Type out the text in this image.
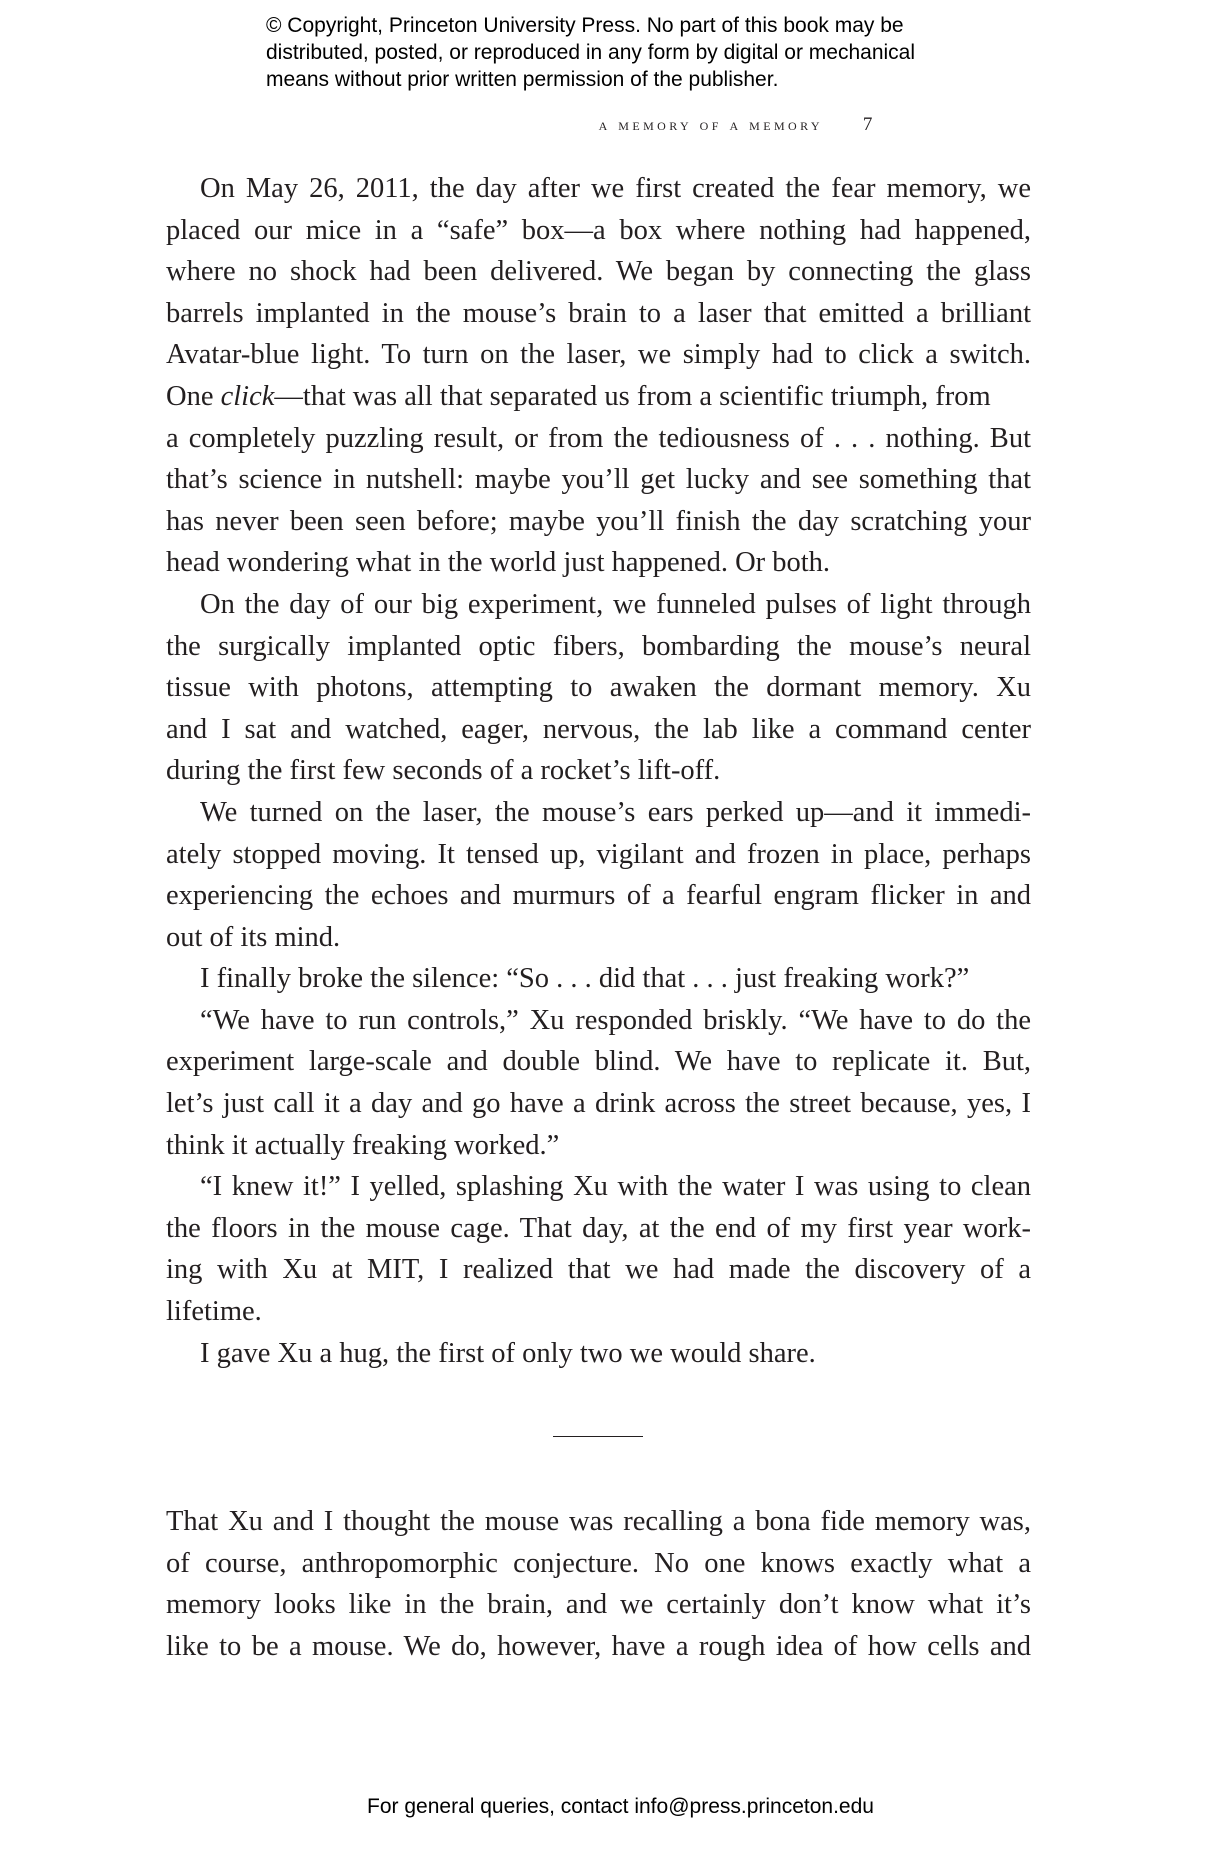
© Copyright, Princeton University Press. No part of this book may be
distributed, posted, or reproduced in any form by digital or mechanical
means without prior written permission of the publisher.
a memory of a memory 7
On May 26, 2011, the day after we first created the fear memory, we
placed our mice in a “safe” box—a box where nothing had happened,
where no shock had been delivered. We began by connecting the glass
barrels implanted in the mouse’s brain to a laser that emitted a brilliant
Avatar-blue light. To turn on the laser, we simply had to click a switch.
One click—that was all that separated us from a scientific triumph, from
a completely puzzling result, or from the tediousness of . . . nothing. But
that’s science in nutshell: maybe you’ll get lucky and see something that
has never been seen before; maybe you’ll finish the day scratching your
head wondering what in the world just happened. Or both.
On the day of our big experiment, we funneled pulses of light through
the surgically implanted optic fibers, bombarding the mouse’s neural
tissue with photons, attempting to awaken the dormant memory. Xu
and I sat and watched, eager, nervous, the lab like a command center
during the first few seconds of a rocket’s lift-off.
We turned on the laser, the mouse’s ears perked up—and it immedi-
ately stopped moving. It tensed up, vigilant and frozen in place, perhaps
experiencing the echoes and murmurs of a fearful engram flicker in and
out of its mind.
I finally broke the silence: “So . . . did that . . . just freaking work?”
“We have to run controls,” Xu responded briskly. “We have to do the
experiment large-scale and double blind. We have to replicate it. But,
let’s just call it a day and go have a drink across the street because, yes, I
think it actually freaking worked.”
“I knew it!” I yelled, splashing Xu with the water I was using to clean
the floors in the mouse cage. That day, at the end of my first year work-
ing with Xu at MIT, I realized that we had made the discovery of a
lifetime.
I gave Xu a hug, the first of only two we would share.
That Xu and I thought the mouse was recalling a bona fide memory was,
of course, anthropomorphic conjecture. No one knows exactly what a
memory looks like in the brain, and we certainly don’t know what it’s
like to be a mouse. We do, however, have a rough idea of how cells and
For general queries, contact info@press.princeton.edu
